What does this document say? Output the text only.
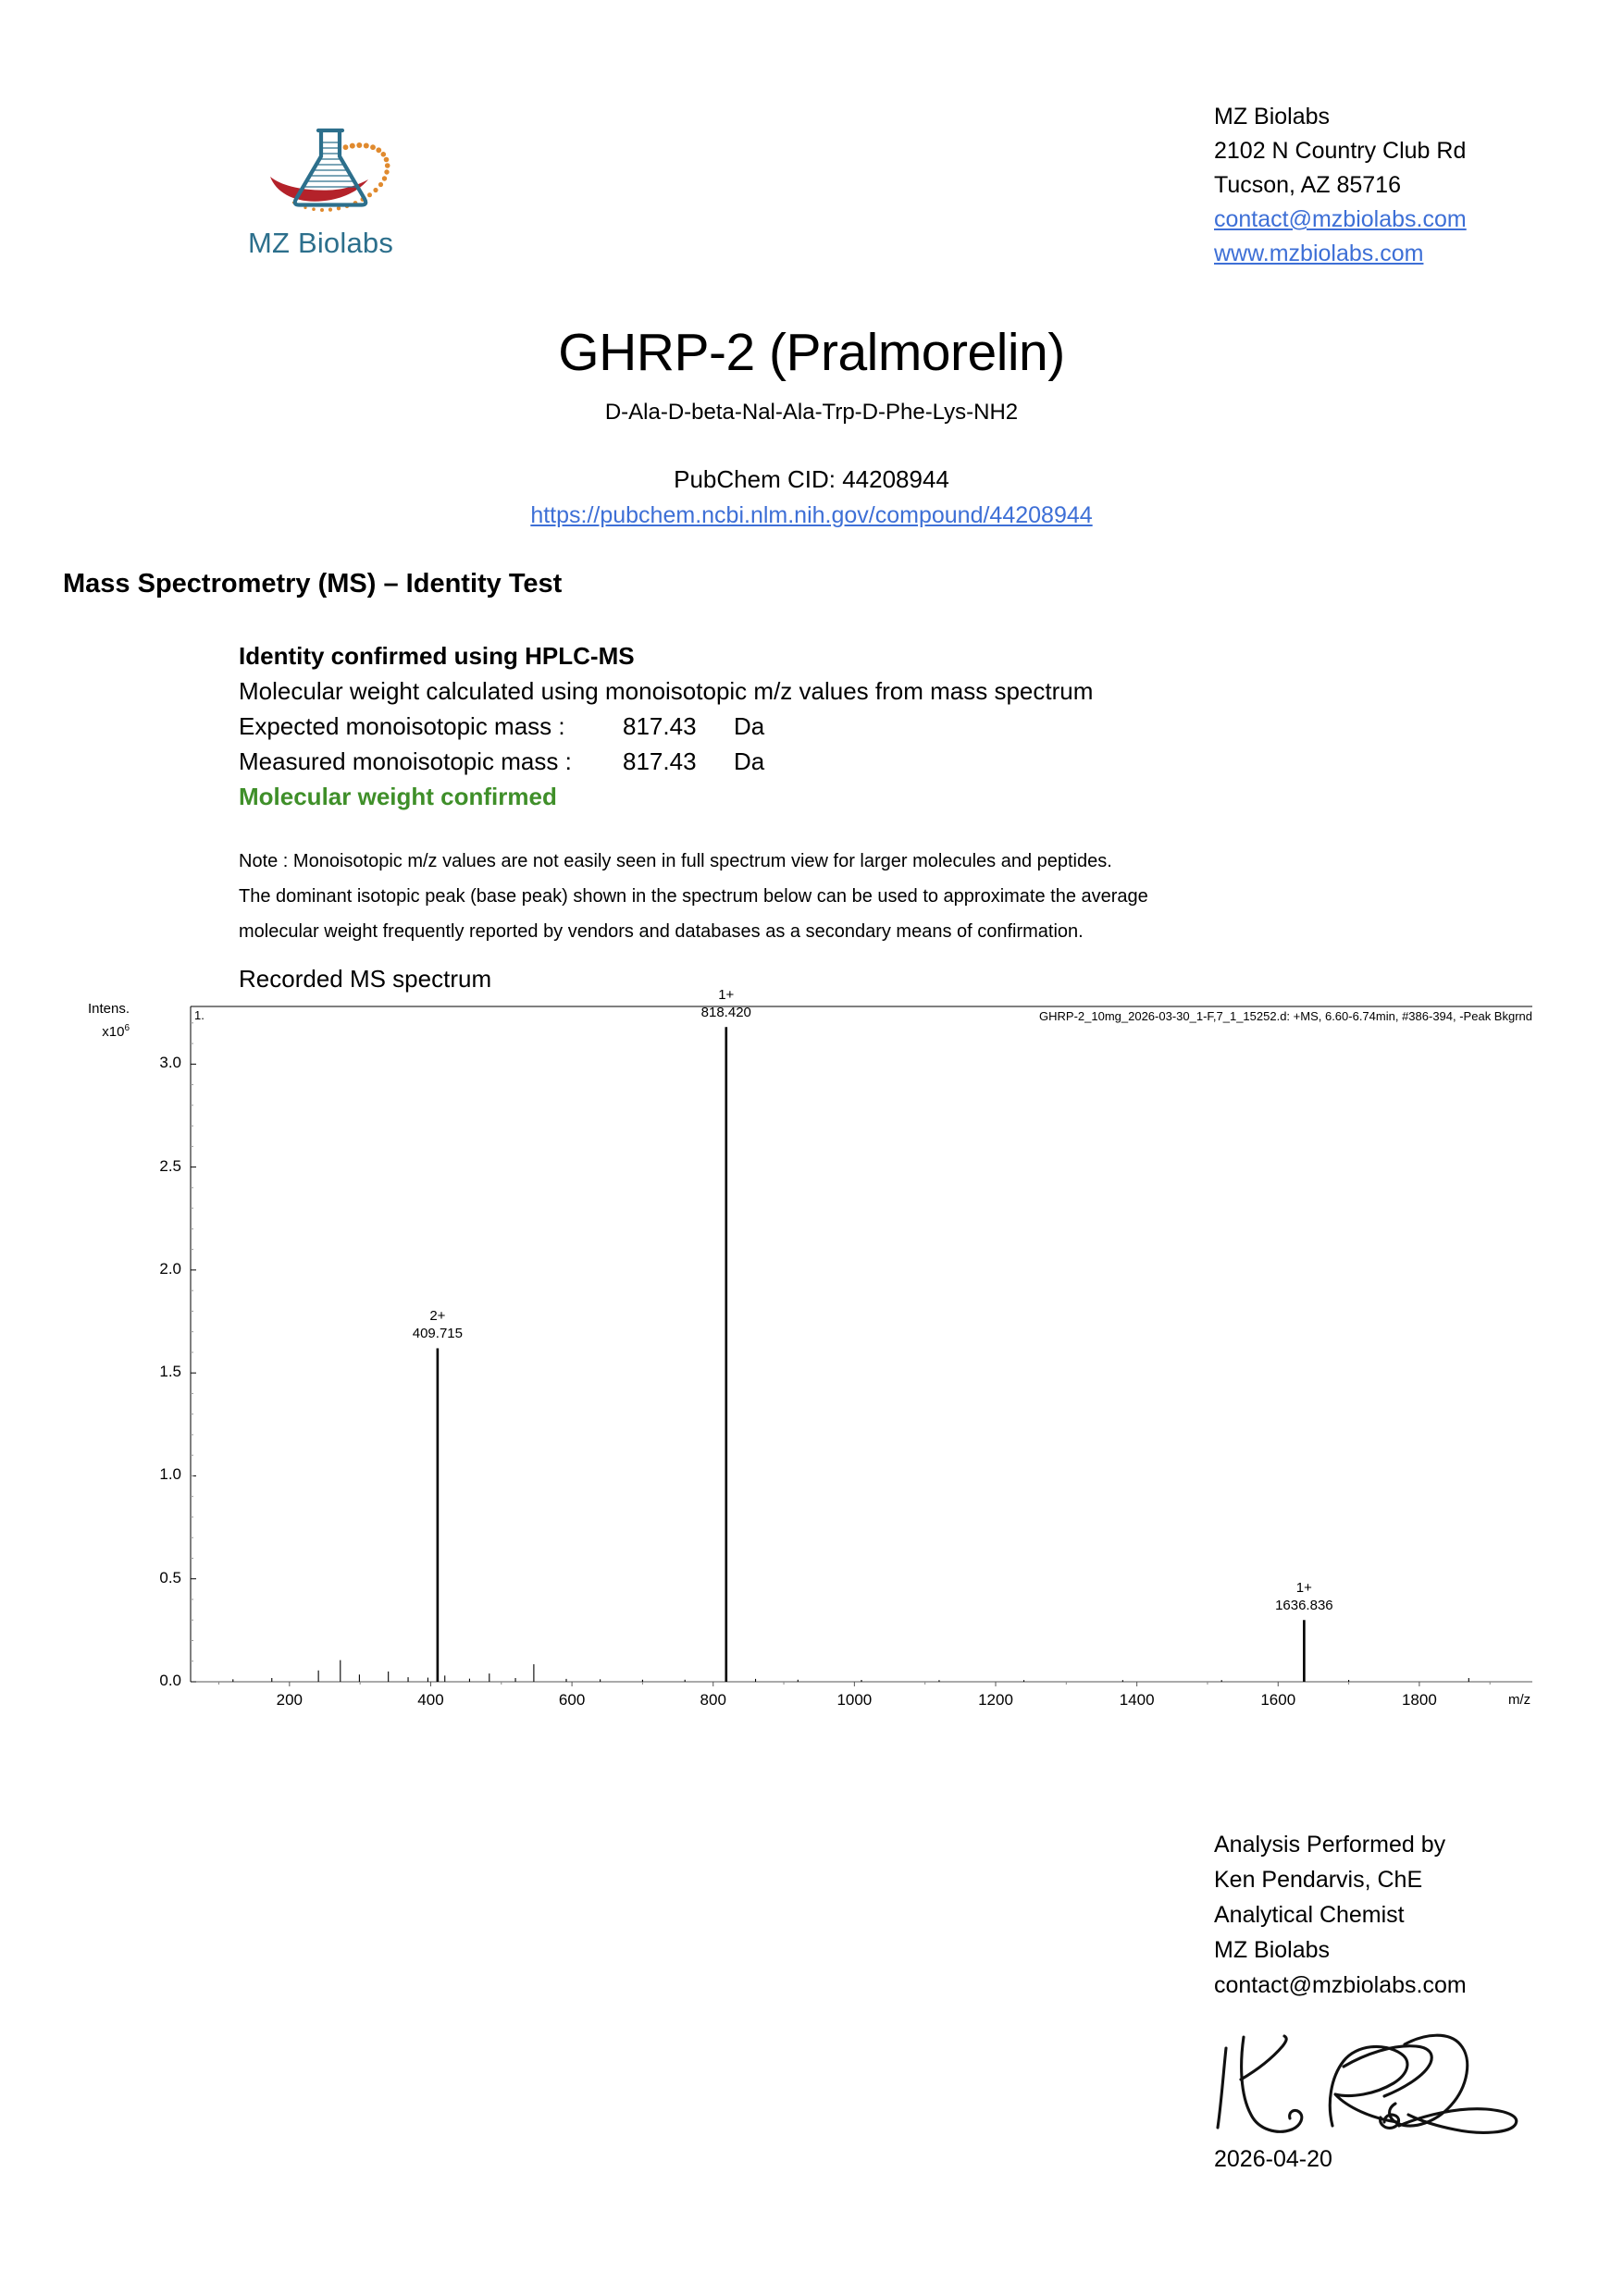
MZ Biolabs
MZ Biolabs
2102 N Country Club Rd
Tucson, AZ 85716
contact@mzbiolabs.com
www.mzbiolabs.com
GHRP-2 (Pralmorelin)
D-Ala-D-beta-Nal-Ala-Trp-D-Phe-Lys-NH2
PubChem CID: 44208944
https://pubchem.ncbi.nlm.nih.gov/compound/44208944
Mass Spectrometry (MS) – Identity Test
Identity confirmed using HPLC-MS
Molecular weight calculated using monoisotopic m/z values from mass spectrum
Expected monoisotopic mass :	817.43	Da
Measured monoisotopic mass :	817.43	Da
Molecular weight confirmed
Note : Monoisotopic m/z values are not easily seen in full spectrum view for larger molecules and peptides.
The dominant isotopic peak (base peak) shown in the spectrum below can be used to approximate the average
molecular weight frequently reported by vendors and databases as a secondary means of confirmation.
Recorded MS spectrum
Intens.
$x10^6$
0.0
0.5
1.0
1.5
2.0
2.5
3.0
1.
200	400	600	800	1000	1200	1400	1600	1800	m/z
GHRP-2_10mg_2026-03-30_1-F,7_1_15252.d: +MS, 6.60-6.74min, #386-394, -Peak Bkgrnd
2+
409.715
1+
818.420
1+
1636.836
Analysis Performed by
Ken Pendarvis, ChE
Analytical Chemist
MZ Biolabs
contact@mzbiolabs.com
2026-04-20
